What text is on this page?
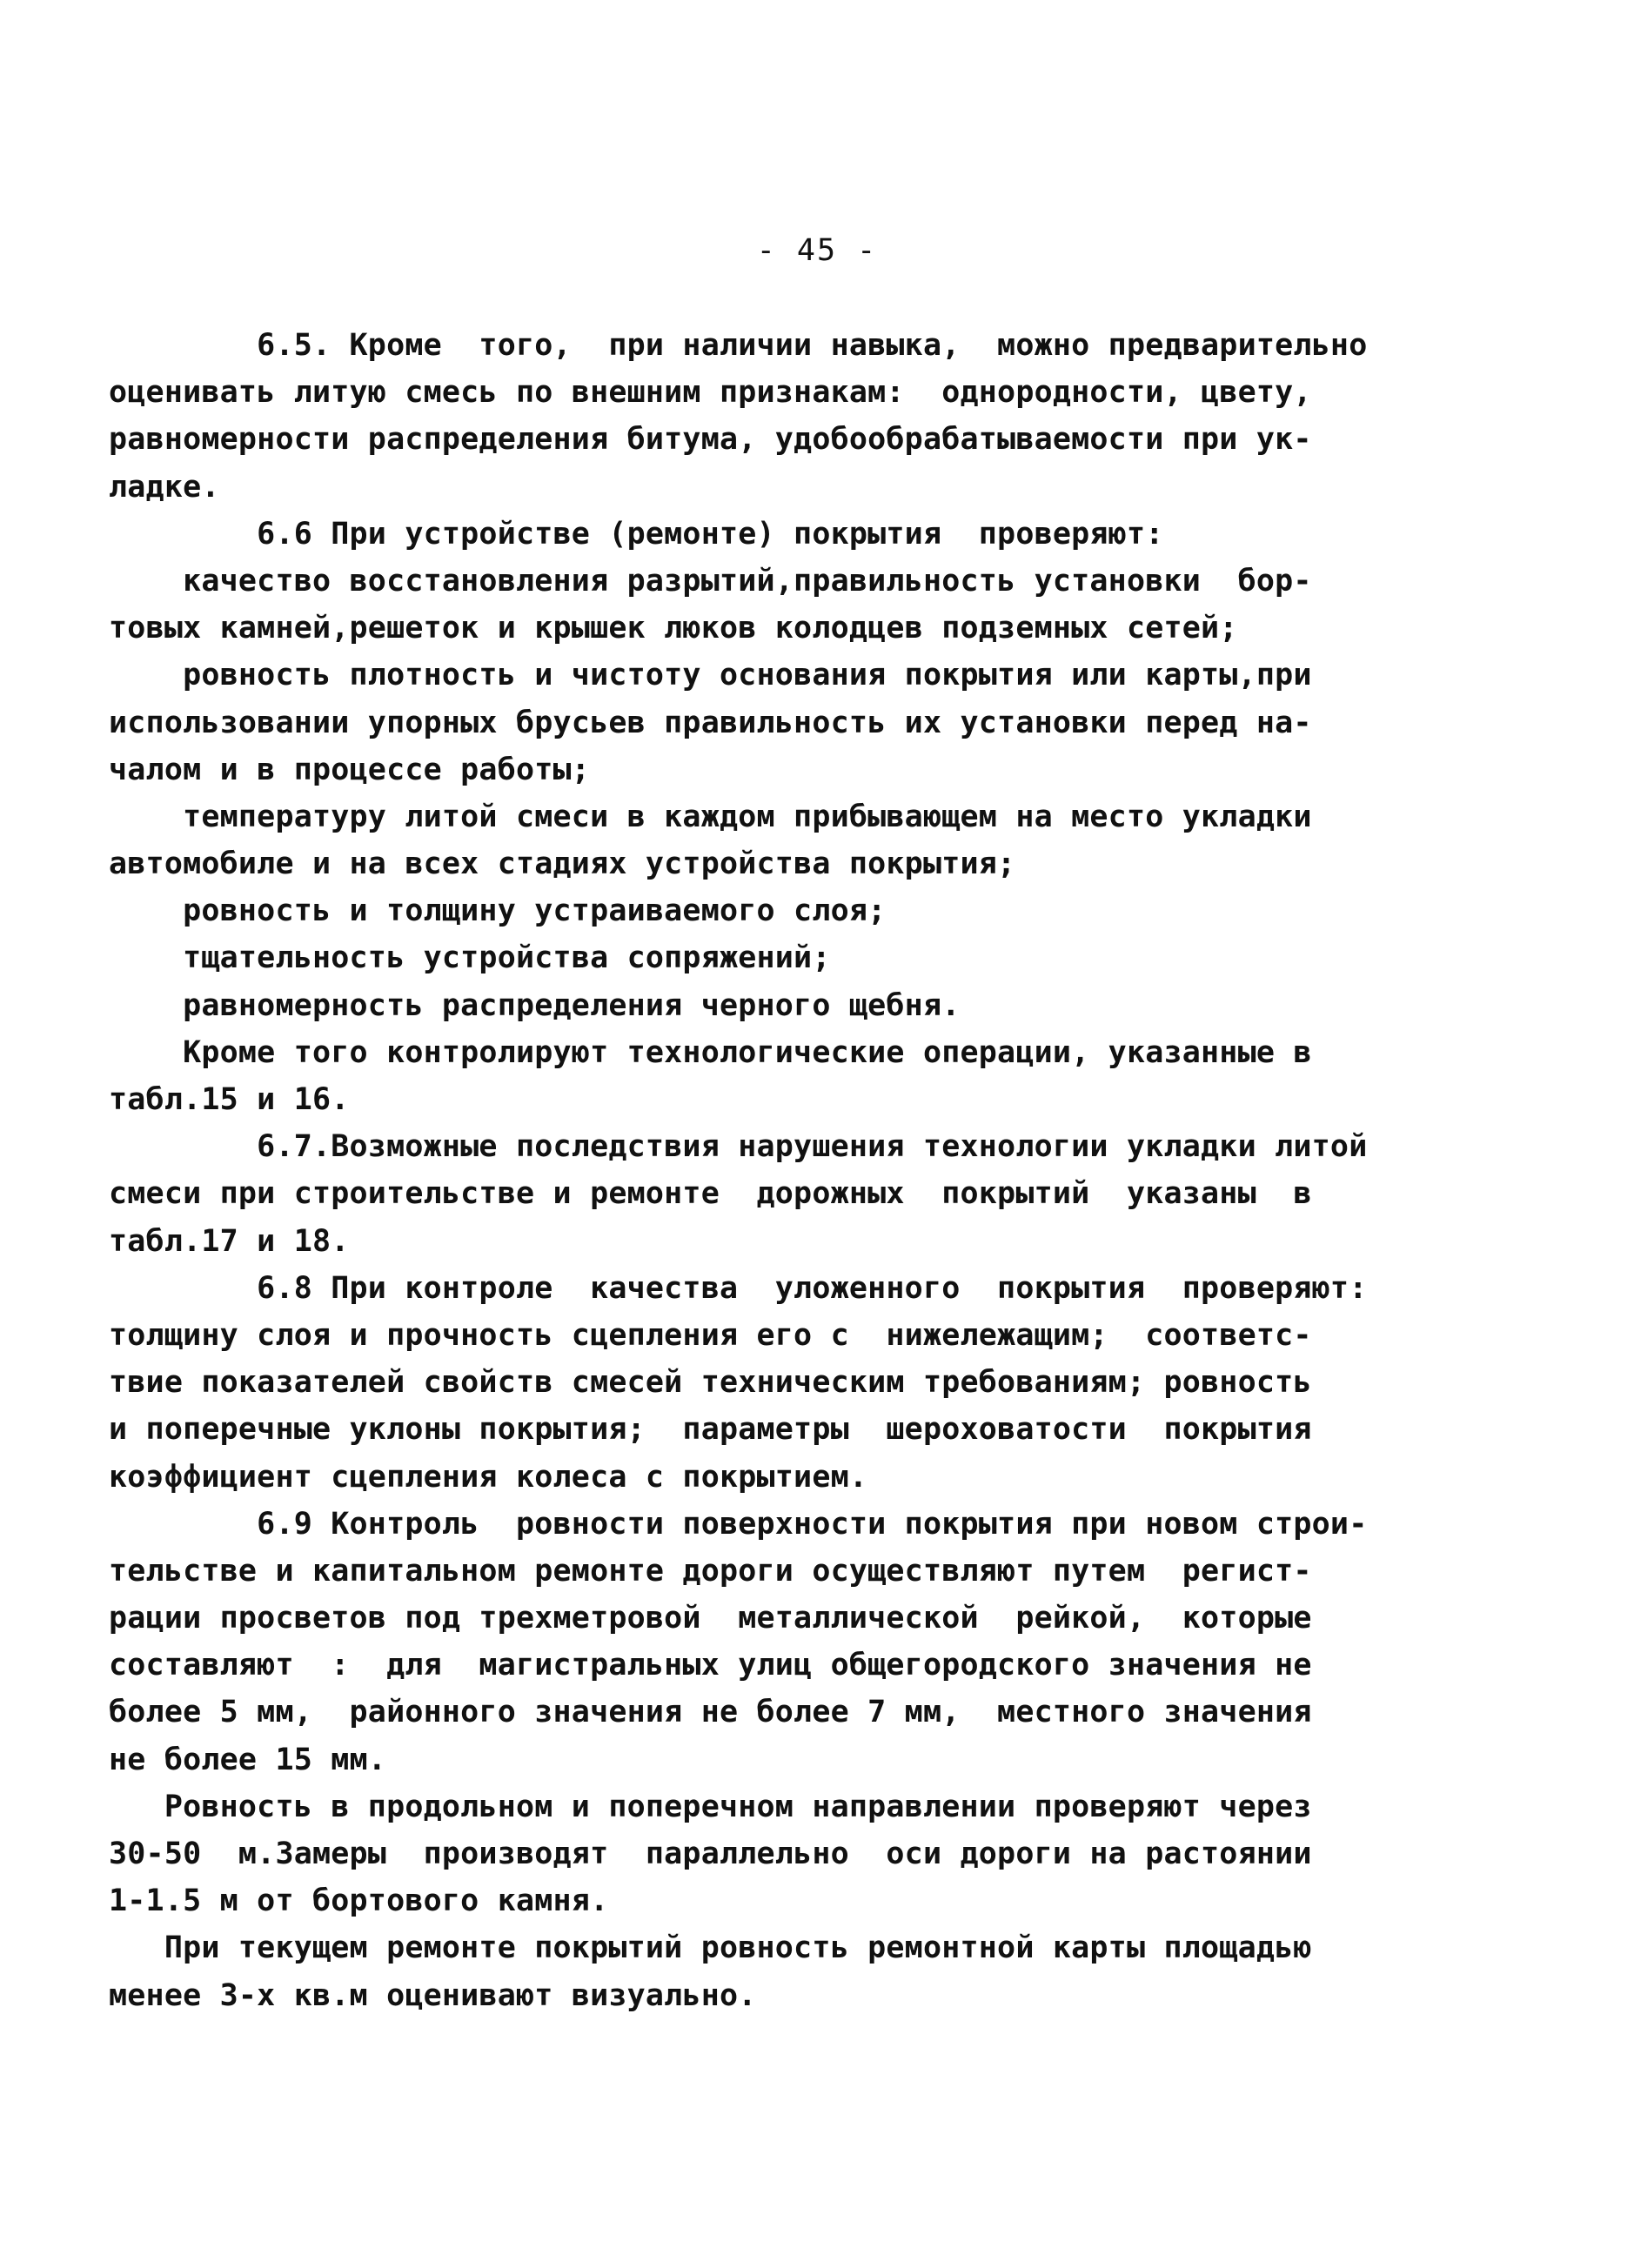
- 45 -
6.5. Кроме  того,  при наличии навыка,  можно предварительно
оценивать литую смесь по внешним признакам:  однородности, цвету,
равномерности распределения битума, удобообрабатываемости при ук-
ладке.
6.6 При устройстве (ремонте) покрытия  проверяют:
качество восстановления разрытий,правильность установки  бор-
товых камней,решеток и крышек люков колодцев подземных сетей;
ровность плотность и чистоту основания покрытия или карты,при
использовании упорных брусьев правильность их установки перед на-
чалом и в процессе работы;
температуру литой смеси в каждом прибывающем на место укладки
автомобиле и на всех стадиях устройства покрытия;
ровность и толщину устраиваемого слоя;
тщательность устройства сопряжений;
равномерность распределения черного щебня.
Кроме того контролируют технологические операции, указанные в
табл.15 и 16.
6.7.Возможные последствия нарушения технологии укладки литой
смеси при строительстве и ремонте  дорожных  покрытий  указаны  в
табл.17 и 18.
6.8 При контроле  качества  уложенного  покрытия  проверяют:
толщину слоя и прочность сцепления его с  нижележащим;  соответс-
твие показателей свойств смесей техническим требованиям; ровность
и поперечные уклоны покрытия;  параметры  шероховатости  покрытия
коэффициент сцепления колеса с покрытием.
6.9 Контроль  ровности поверхности покрытия при новом строи-
тельстве и капитальном ремонте дороги осуществляют путем  регист-
рации просветов под трехметровой  металлической  рейкой,  которые
составляют  :  для  магистральных улиц общегородского значения не
более 5 мм,  районного значения не более 7 мм,  местного значения
не более 15 мм.
Ровность в продольном и поперечном направлении проверяют через
30-50  м.Замеры  производят  параллельно  оси дороги на растоянии
1-1.5 м от бортового камня.
При текущем ремонте покрытий ровность ремонтной карты площадью
менее 3-х кв.м оценивают визуально.
